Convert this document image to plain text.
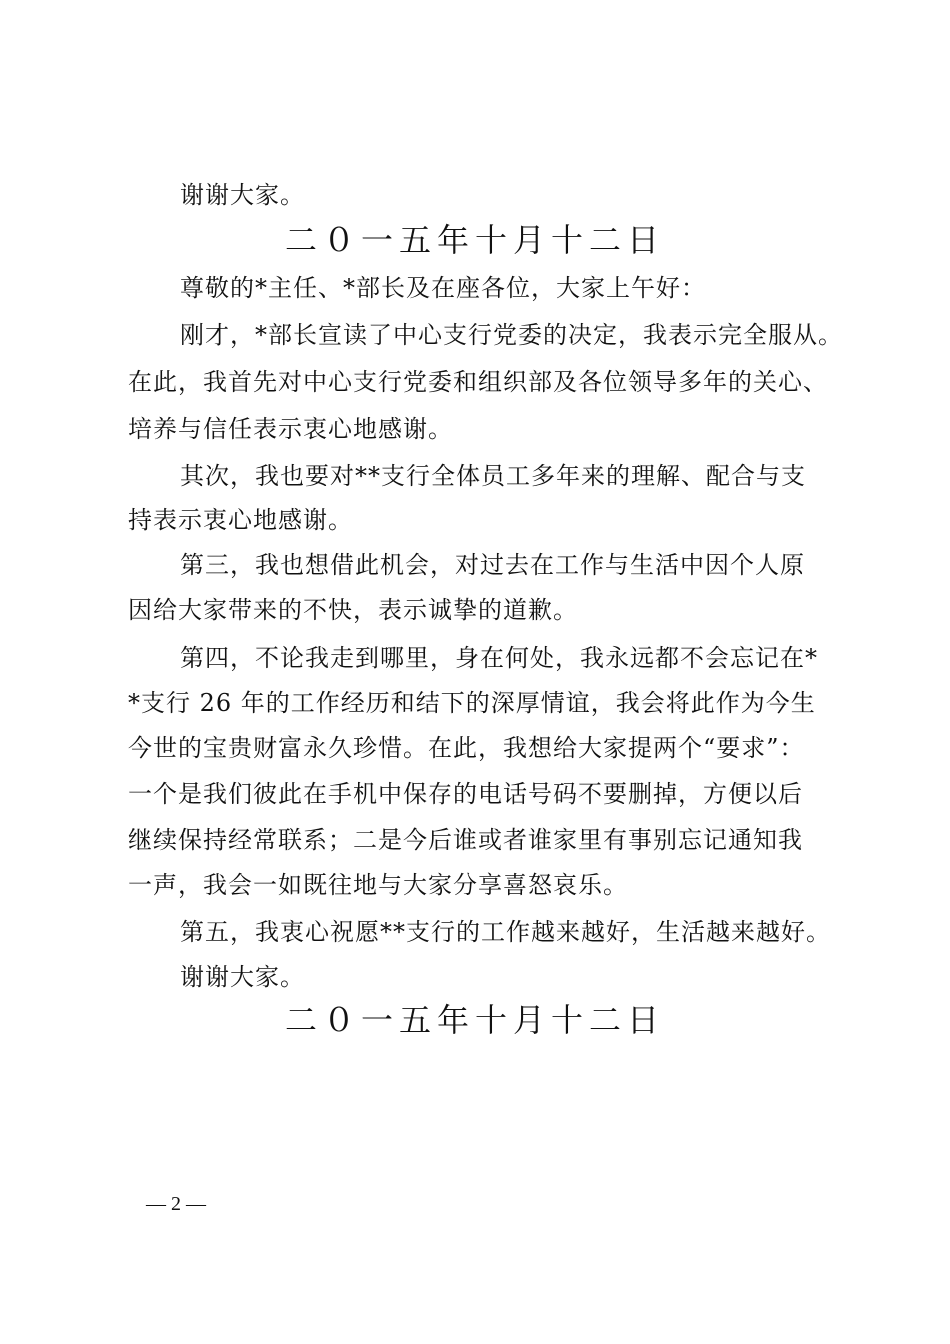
谢谢大家。
二０一五年十月十二日
尊敬的*主任、*部长及在座各位，大家上午好：
刚才，*部长宣读了中心支行党委的决定，我表示完全服从。
在此，我首先对中心支行党委和组织部及各位领导多年的关心、
培养与信任表示衷心地感谢。
其次，我也要对**支行全体员工多年来的理解、配合与支
持表示衷心地感谢。
第三，我也想借此机会，对过去在工作与生活中因个人原
因给大家带来的不快，表示诚挚的道歉。
第四，不论我走到哪里，身在何处，我永远都不会忘记在*
*支行 26 年的工作经历和结下的深厚情谊，我会将此作为今生
今世的宝贵财富永久珍惜。在此，我想给大家提两个“要求”：
一个是我们彼此在手机中保存的电话号码不要删掉，方便以后
继续保持经常联系；二是今后谁或者谁家里有事别忘记通知我
一声，我会一如既往地与大家分享喜怒哀乐。
第五，我衷心祝愿**支行的工作越来越好，生活越来越好。
谢谢大家。
二０一五年十月十二日
— 2 —
